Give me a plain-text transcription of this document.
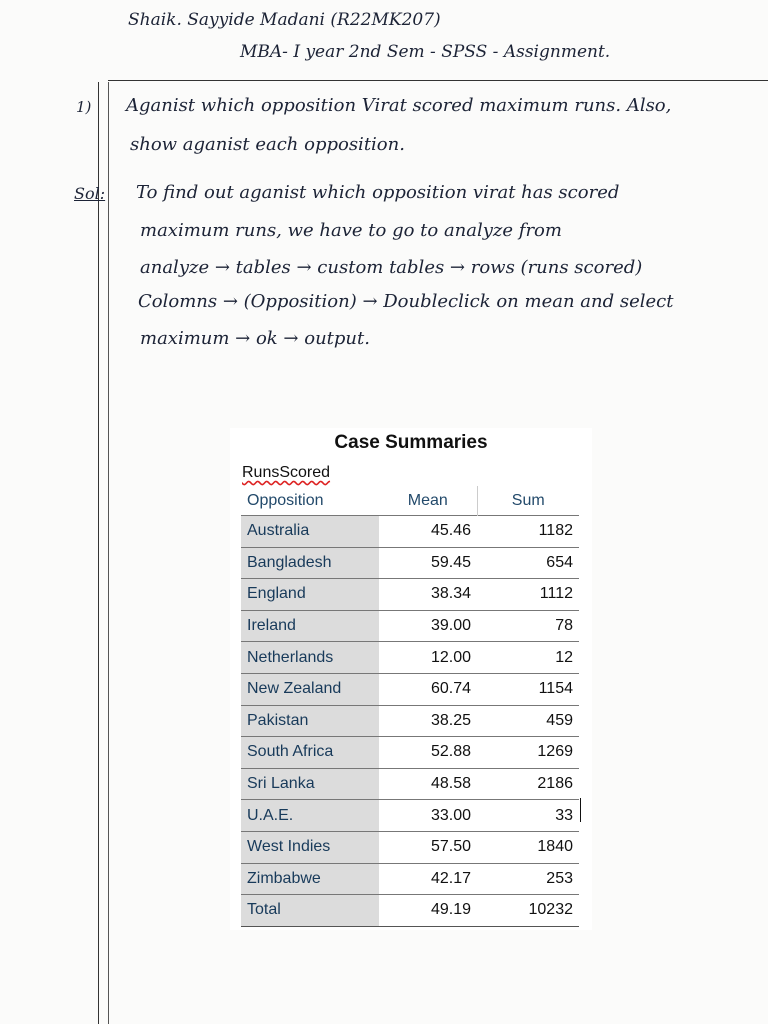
Shaik. Sayyide Madani (R22MK207)
MBA- I year 2nd Sem - SPSS - Assignment.
1) Aganist which opposition Virat scored maximum runs. Also,
show aganist each opposition.
Sol: To find out aganist which opposition virat has scored
maximum runs, we have to go to analyze from
analyze → tables → custom tables → rows (runs scored)
Colomns → (Opposition) → Doubleclick on mean and select
maximum → ok → output.
Case Summaries
RunsScored
Opposition	Mean	Sum
Australia	45.46	1182
Bangladesh	59.45	654
England	38.34	1112
Ireland	39.00	78
Netherlands	12.00	12
New Zealand	60.74	1154
Pakistan	38.25	459
South Africa	52.88	1269
Sri Lanka	48.58	2186
U.A.E.	33.00	33
West Indies	57.50	1840
Zimbabwe	42.17	253
Total	49.19	10232
